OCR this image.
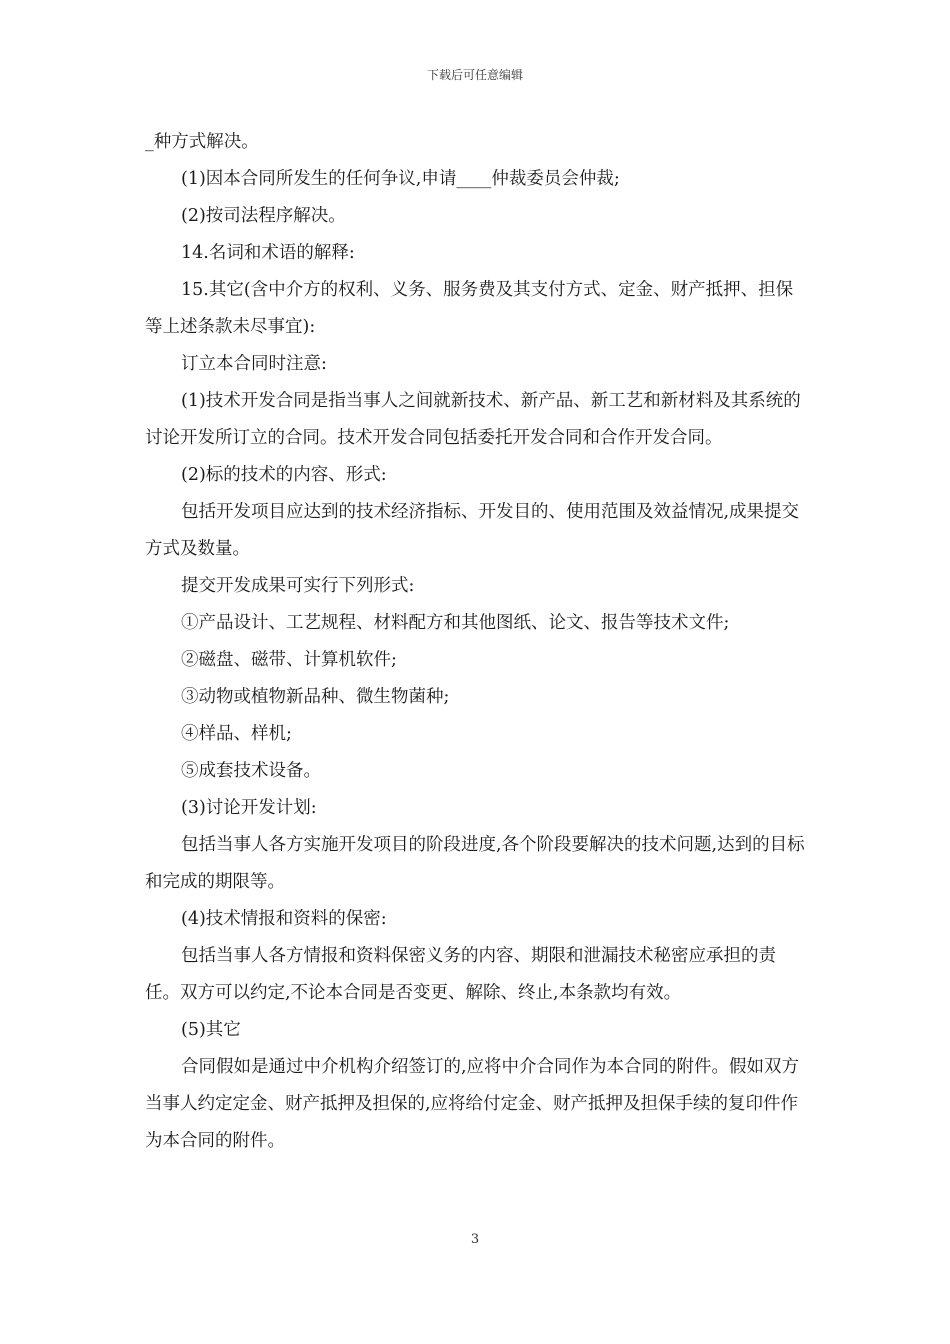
下载后可任意编辑

_种方式解决。

(1)因本合同所发生的任何争议,申请____仲裁委员会仲裁;

(2)按司法程序解决。

14.名词和术语的解释:

15.其它(含中介方的权利、义务、服务费及其支付方式、定金、财产抵押、担保等上述条款未尽事宜):

订立本合同时注意:

(1)技术开发合同是指当事人之间就新技术、新产品、新工艺和新材料及其系统的讨论开发所订立的合同。技术开发合同包括委托开发合同和合作开发合同。

(2)标的技术的内容、形式:

包括开发项目应达到的技术经济指标、开发目的、使用范围及效益情况,成果提交方式及数量。

提交开发成果可实行下列形式:

①产品设计、工艺规程、材料配方和其他图纸、论文、报告等技术文件;

②磁盘、磁带、计算机软件;

③动物或植物新品种、微生物菌种;

④样品、样机;

⑤成套技术设备。

(3)讨论开发计划:

包括当事人各方实施开发项目的阶段进度,各个阶段要解决的技术问题,达到的目标和完成的期限等。

(4)技术情报和资料的保密:

包括当事人各方情报和资料保密义务的内容、期限和泄漏技术秘密应承担的责任。双方可以约定,不论本合同是否变更、解除、终止,本条款均有效。

(5)其它

合同假如是通过中介机构介绍签订的,应将中介合同作为本合同的附件。假如双方当事人约定定金、财产抵押及担保的,应将给付定金、财产抵押及担保手续的复印件作为本合同的附件。

3
